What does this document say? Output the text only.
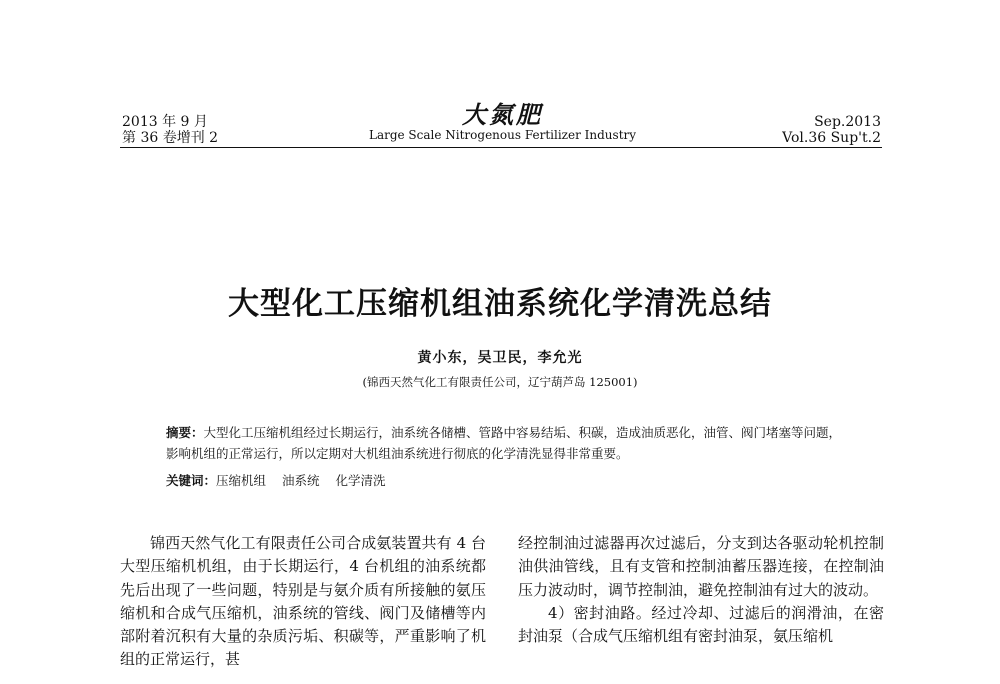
2013 年 9 月
第 36 卷增刊 2
大氮肥
Large Scale Nitrogenous Fertilizer Industry
Sep.2013
Vol.36 Sup't.2
大型化工压缩机组油系统化学清洗总结
黄小东，吴卫民，李允光
(锦西天然气化工有限责任公司，辽宁葫芦岛 125001)
摘要：大型化工压缩机组经过长期运行，油系统各储槽、管路中容易结垢、积碳，造成油质恶化，油管、阀门堵塞等问题，影响机组的正常运行，所以定期对大机组油系统进行彻底的化学清洗显得非常重要。
关键词：压缩机组 油系统 化学清洗

锦西天然气化工有限责任公司合成氨装置共有 4 台大型压缩机机组，由于长期运行，4 台机组的油系统都先后出现了一些问题，特别是与氨介质有所接触的氨压缩机和合成气压缩机，油系统的管线、阀门及储槽等内部附着沉积有大量的杂质污垢、积碳等，严重影响了机组的正常运行，甚

经控制油过滤器再次过滤后，分支到达各驱动轮机控制油供油管线，且有支管和控制油蓄压器连接，在控制油压力波动时，调节控制油，避免控制油有过大的波动。

4）密封油路。经过冷却、过滤后的润滑油，在密封油泵（合成气压缩机组有密封油泵，氨压缩机
